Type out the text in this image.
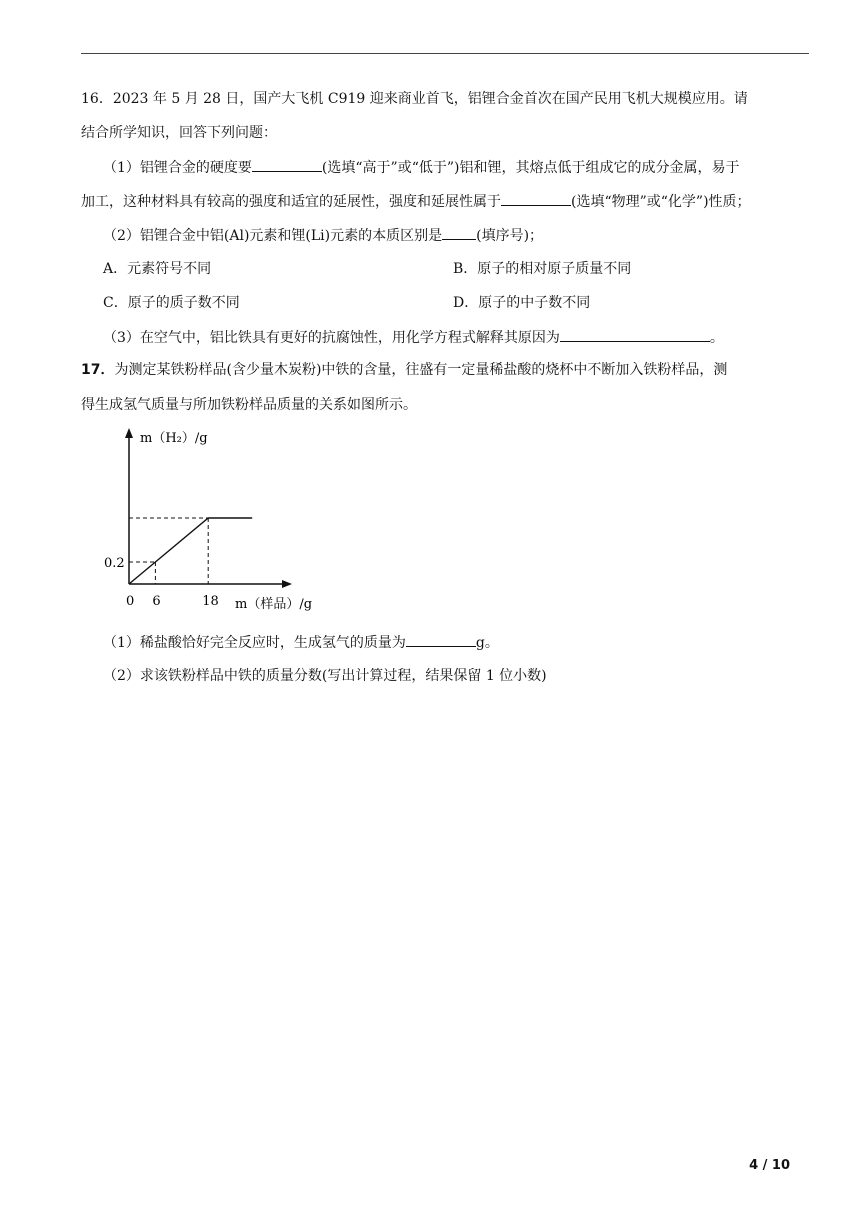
16．2023 年 5 月 28 日，国产大飞机 C919 迎来商业首飞，铝锂合金首次在国产民用飞机大规模应用。请
结合所学知识，回答下列问题：
（1）铝锂合金的硬度要	(选填“高于”或“低于”)铝和锂，其熔点低于组成它的成分金属，易于
加工，这种材料具有较高的强度和适宜的延展性，强度和延展性属于	(选填“物理”或“化学”)性质；
（2）铝锂合金中铝(Al)元素和锂(Li)元素的本质区别是 (填序号)；
A．元素符号不同	B．原子的相对原子质量不同
C．原子的质子数不同	D．原子的中子数不同
（3）在空气中，铝比铁具有更好的抗腐蚀性，用化学方程式解释其原因为	。
17．为测定某铁粉样品(含少量木炭粉)中铁的含量，往盛有一定量稀盐酸的烧杯中不断加入铁粉样品，测
得生成氢气质量与所加铁粉样品质量的关系如图所示。
0 6	18
0.2
m（H₂）/g
m（样品）/g
（1）稀盐酸恰好完全反应时，生成氢气的质量为	g。
（2）求该铁粉样品中铁的质量分数(写出计算过程，结果保留 1 位小数)
4 / 10
